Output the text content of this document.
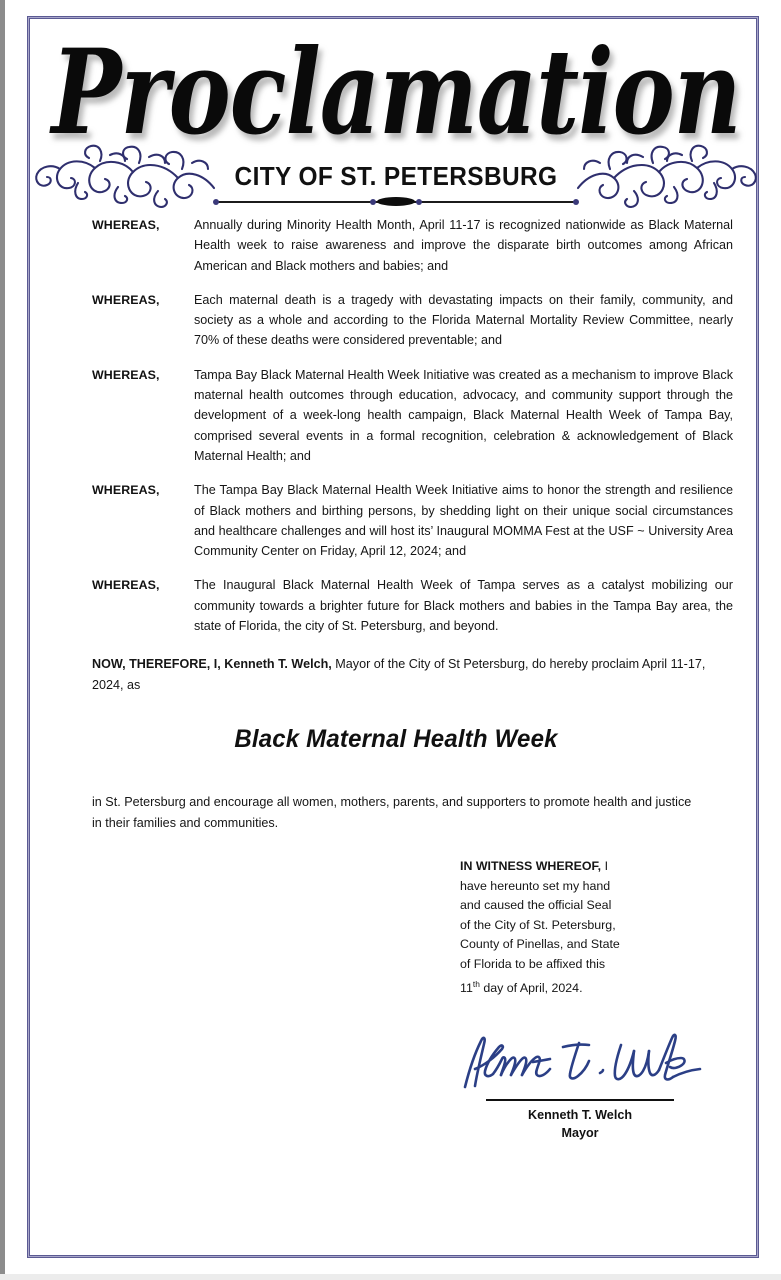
Proclamation
CITY OF ST. PETERSBURG
WHEREAS,	Annually during Minority Health Month, April 11-17 is recognized nationwide as Black Maternal Health week to raise awareness and improve the disparate birth outcomes among African American and Black mothers and babies; and
WHEREAS,	Each maternal death is a tragedy with devastating impacts on their family, community, and society as a whole and according to the Florida Maternal Mortality Review Committee, nearly 70% of these deaths were considered preventable; and
WHEREAS,	Tampa Bay Black Maternal Health Week Initiative was created as a mechanism to improve Black maternal health outcomes through education, advocacy, and community support through the development of a week-long health campaign, Black Maternal Health Week of Tampa Bay, comprised several events in a formal recognition, celebration & acknowledgement of Black Maternal Health; and
WHEREAS,	The Tampa Bay Black Maternal Health Week Initiative aims to honor the strength and resilience of Black mothers and birthing persons, by shedding light on their unique social circumstances and healthcare challenges and will host its’ Inaugural MOMMA Fest at the USF ~ University Area Community Center on Friday, April 12, 2024; and
WHEREAS,	The Inaugural Black Maternal Health Week of Tampa serves as a catalyst mobilizing our community towards a brighter future for Black mothers and babies in the Tampa Bay area, the state of Florida, the city of St. Petersburg, and beyond.
NOW, THEREFORE, I, Kenneth T. Welch, Mayor of the City of St Petersburg, do hereby proclaim April 11-17, 2024, as
Black Maternal Health Week
in St. Petersburg and encourage all women, mothers, parents, and supporters to promote health and justice in their families and communities.
IN WITNESS WHEREOF, I
have hereunto set my hand
and caused the official Seal
of the City of St. Petersburg,
County of Pinellas, and State
of Florida to be affixed this
11th day of April, 2024.
Kenneth T. Welch
Mayor
